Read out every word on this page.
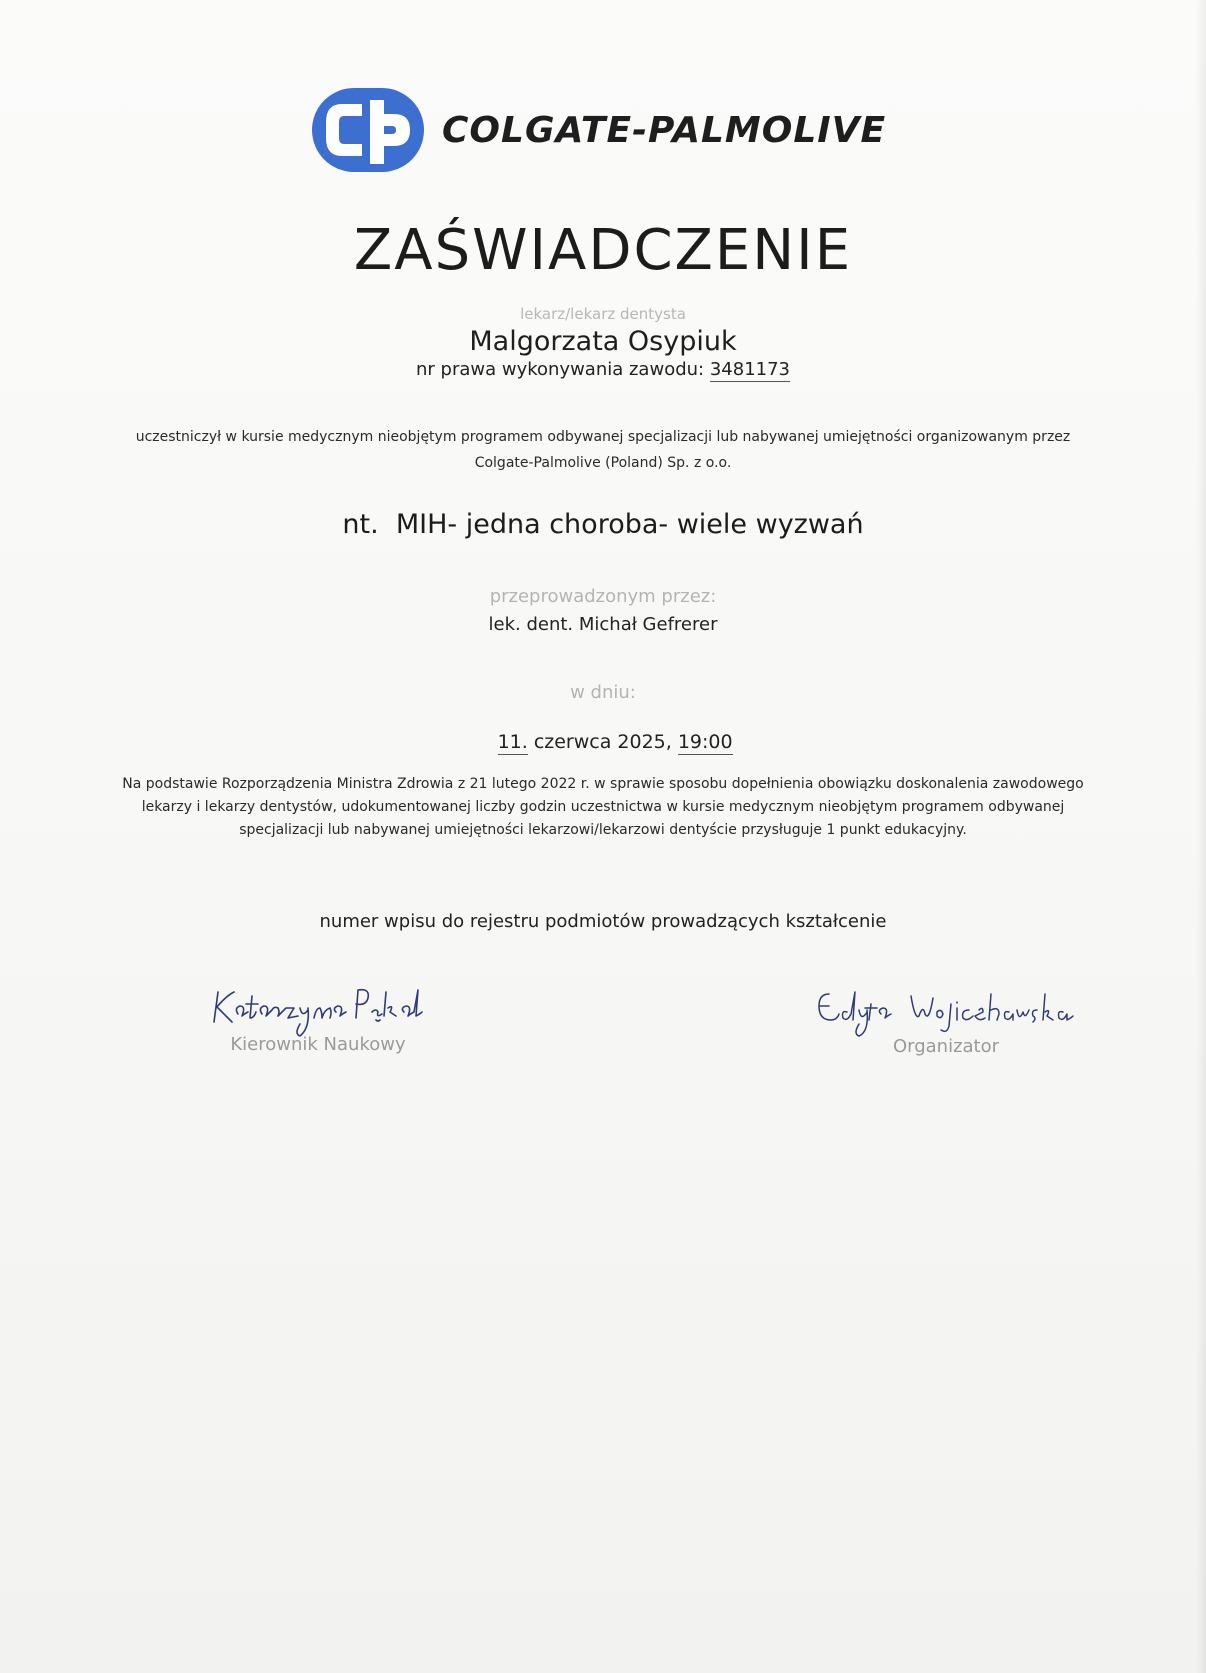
COLGATE-PALMOLIVE
ZAŚWIADCZENIE
lekarz/lekarz dentysta
Malgorzata Osypiuk
nr prawa wykonywania zawodu: 3481173
uczestniczył w kursie medycznym nieobjętym programem odbywanej specjalizacji lub nabywanej umiejętności organizowanym przez
Colgate-Palmolive (Poland) Sp. z o.o.
nt.  MIH- jedna choroba- wiele wyzwań
przeprowadzonym przez:
lek. dent. Michał Gefrerer
w dniu:

11. czerwca 2025, 19:00

Na podstawie Rozporządzenia Ministra Zdrowia z 21 lutego 2022 r. w sprawie sposobu dopełnienia obowiązku doskonalenia zawodowego
lekarzy i lekarzy dentystów, udokumentowanej liczby godzin uczestnictwa w kursie medycznym nieobjętym programem odbywanej
specjalizacji lub nabywanej umiejętności lekarzowi/lekarzowi dentyście przysługuje 1 punkt edukacyjny.
numer wpisu do rejestru podmiotów prowadzących kształcenie
Kierownik Naukowy	Organizator
